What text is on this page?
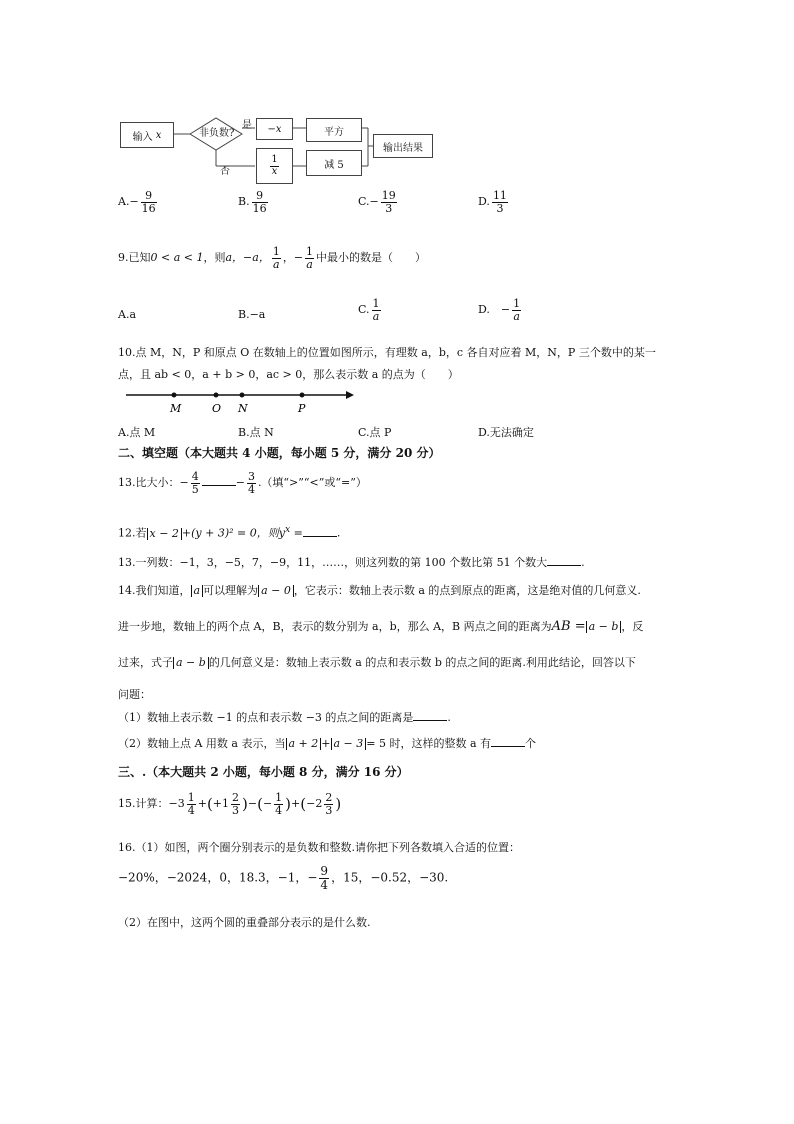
输入
x	非负数?
是
否
−x
$\frac{1}{x}$
平方
减 5
输出结果
$A.- \frac{9}{16}$	B. $\frac{9}{16}$	$C.- \frac{19}{3}$	D. $\frac{11}{3}$
9.已知0 < a < 1，则a，−a， $\frac{1}{a}$ ，− $\frac{1}{a}$ 中最小的数是（　　）
A.a	B.−a	C. $\frac{1}{a}$	D.　− $\frac{1}{a}$
10.点 M，N，P 和原点 O 在数轴上的位置如图所示，有理数 a，b，c 各自对应着 M，N，P 三个数中的某一
点，且 ab < 0，a + b > 0，ac > 0，那么表示数 a 的点为（　　）
M	O N	P
A.点 M	B.点 N	C.点 P	D.无法确定
二、填空题（本大题共 4 小题，每小题 5 分，满分 20 分）
13.比大小：− $\frac{4}{5}$	− $\frac{3}{4}$ .（填“>”“<”或“=”）
12.若 x − 2 +(y + 3)² = 0，则$y^x$ =	.
13.一列数：−1，3，−5，7，−9，11，……，则这列数的第 100 个数比第 51 个数大	.
14.我们知道， a 可以理解为 a − 0 ，它表示：数轴上表示数 a 的点到原点的距离，这是绝对值的几何意义.
进一步地，数轴上的两个点 A，B，表示的数分别为 a，b，那么 A，B 两点之间的距离为AB = a − b ，反
过来，式子 a − b 的几何意义是：数轴上表示数 a 的点和表示数 b 的点之间的距离.利用此结论，回答以下
问题：
（1）数轴上表示数 −1 的点和表示数 −3 的点之间的距离是	.
（2）数轴上点 A 用数 a 表示，当 a + 2 + a − 3 = 5 时，这样的整数 a 有	个
三、.（本大题共 2 小题，每小题 8 分，满分 16 分）
15.计算：$-3 \frac{1}{4} +(+1 \frac{2}{3}$ )−(− $\frac{1}{4} )+(-2 \frac{2}{3}$ )
16.（1）如图，两个圈分别表示的是负数和整数.请你把下列各数填入合适的位置：
−20%，−2024，0，18.3，−1，− $\frac{9}{4}$ ，15，−0.52，−30.
（2）在图中，这两个圆的重叠部分表示的是什么数.
